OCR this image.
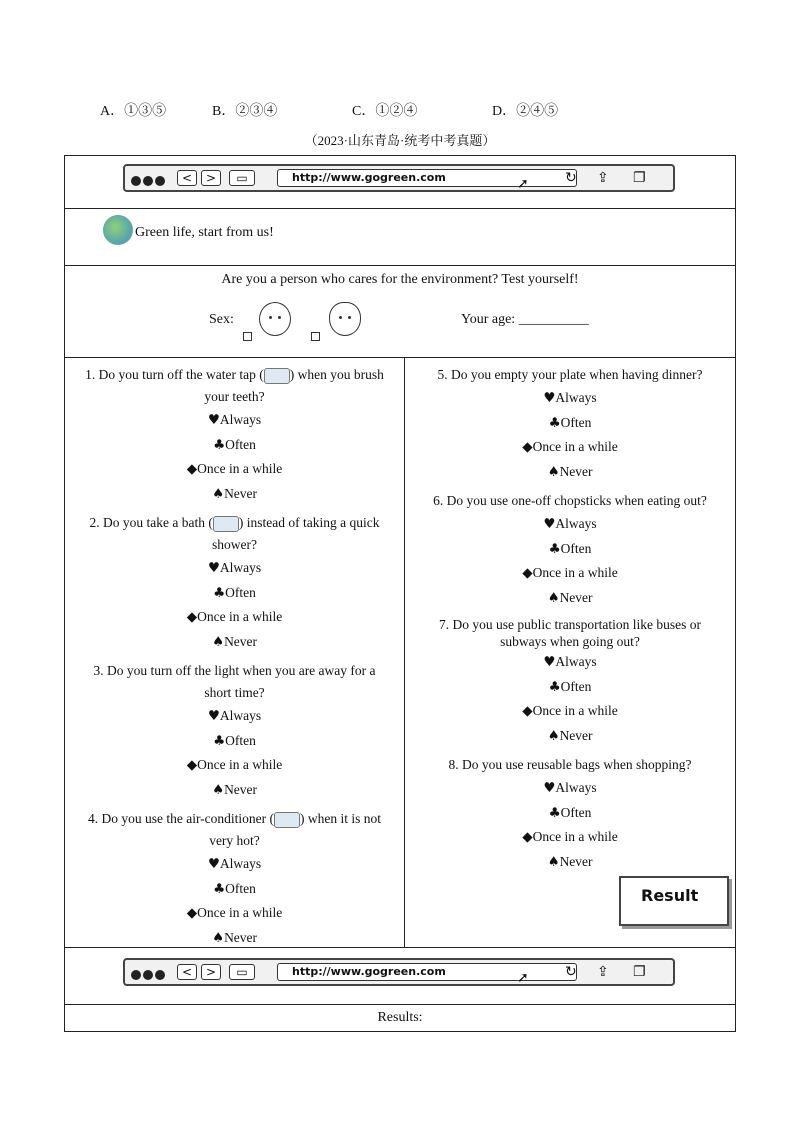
A．①③⑤	B．②③④	C．①②④	D．②④⑤
（2023·山东青岛·统考中考真题）
<	>	▭	http://www.gogreen.com	➚	↻ ⇪ ❐
Green life, start from us!
Are you a person who cares for the environment? Test yourself!
Sex:	Your age: __________
1. Do you turn off the water tap ( ) when you brush your teeth?
♥Always
♣Often
◆Once in a while
♠Never
2. Do you take a bath ( ) instead of taking a quick shower?
♥Always
♣Often
◆Once in a while
♠Never
3. Do you turn off the light when you are away for a short time?
♥Always
♣Often
◆Once in a while
♠Never
4. Do you use the air-conditioner ( ) when it is not very hot?
♥Always
♣Often
◆Once in a while
♠Never
5. Do you empty your plate when having dinner?
♥Always
♣Often
◆Once in a while
♠Never
6. Do you use one-off chopsticks when eating out?
♥Always
♣Often
◆Once in a while
♠Never
7. Do you use public transportation like buses or subways when going out?
♥Always
♣Often
◆Once in a while
♠Never
8. Do you use reusable bags when shopping?
♥Always
♣Often
◆Once in a while
♠Never
Result
<	>	▭	http://www.gogreen.com	➚	↻ ⇪ ❐
Results:
